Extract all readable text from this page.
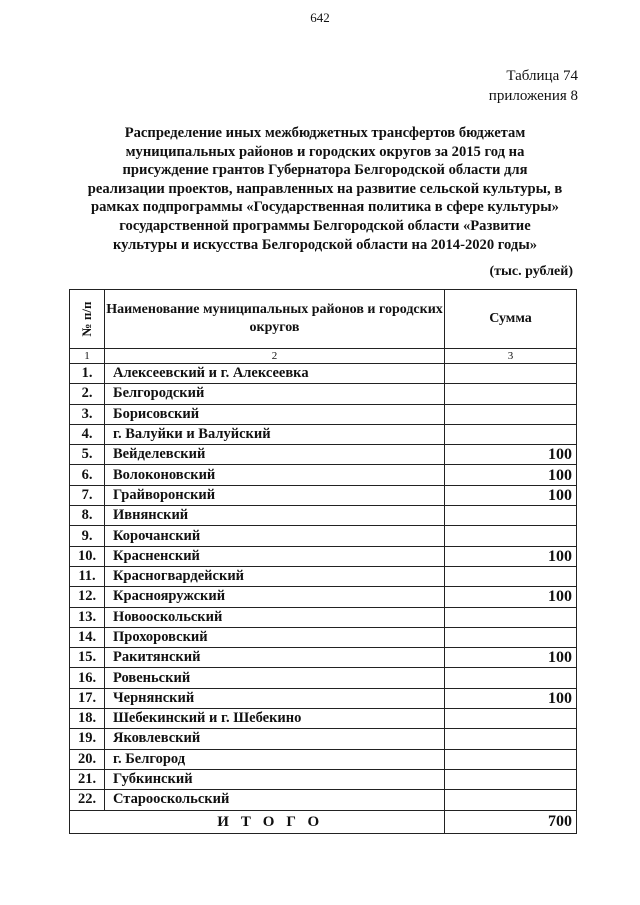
642
Таблица 74
приложения 8
Распределение иных межбюджетных трансфертов бюджетам
муниципальных районов и городских округов за 2015 год на
присуждение грантов Губернатора Белгородской области для
реализации проектов, направленных на развитие сельской культуры, в
рамках подпрограммы «Государственная политика в сфере культуры»
государственной программы Белгородской области «Развитие
культуры и искусства Белгородской области на 2014-2020 годы»
(тыс. рублей)
№ п/п	Наименование муниципальных районов и городских округов	Сумма
1	2	3
1.	Алексеевский и г. Алексеевка	
2.	Белгородский	
3.	Борисовский	
4.	г. Валуйки и Валуйский	
5.	Вейделевский	100
6.	Волоконовский	100
7.	Грайворонский	100
8.	Ивнянский	
9.	Корочанский	
10.	Красненский	100
11.	Красногвардейский	
12.	Краснояружский	100
13.	Новооскольский	
14.	Прохоровский	
15.	Ракитянский	100
16.	Ровеньский	
17.	Чернянский	100
18.	Шебекинский и г. Шебекино	
19.	Яковлевский	
20.	г. Белгород	
21.	Губкинский	
22.	Старооскольский	
	ИТОГО	700
